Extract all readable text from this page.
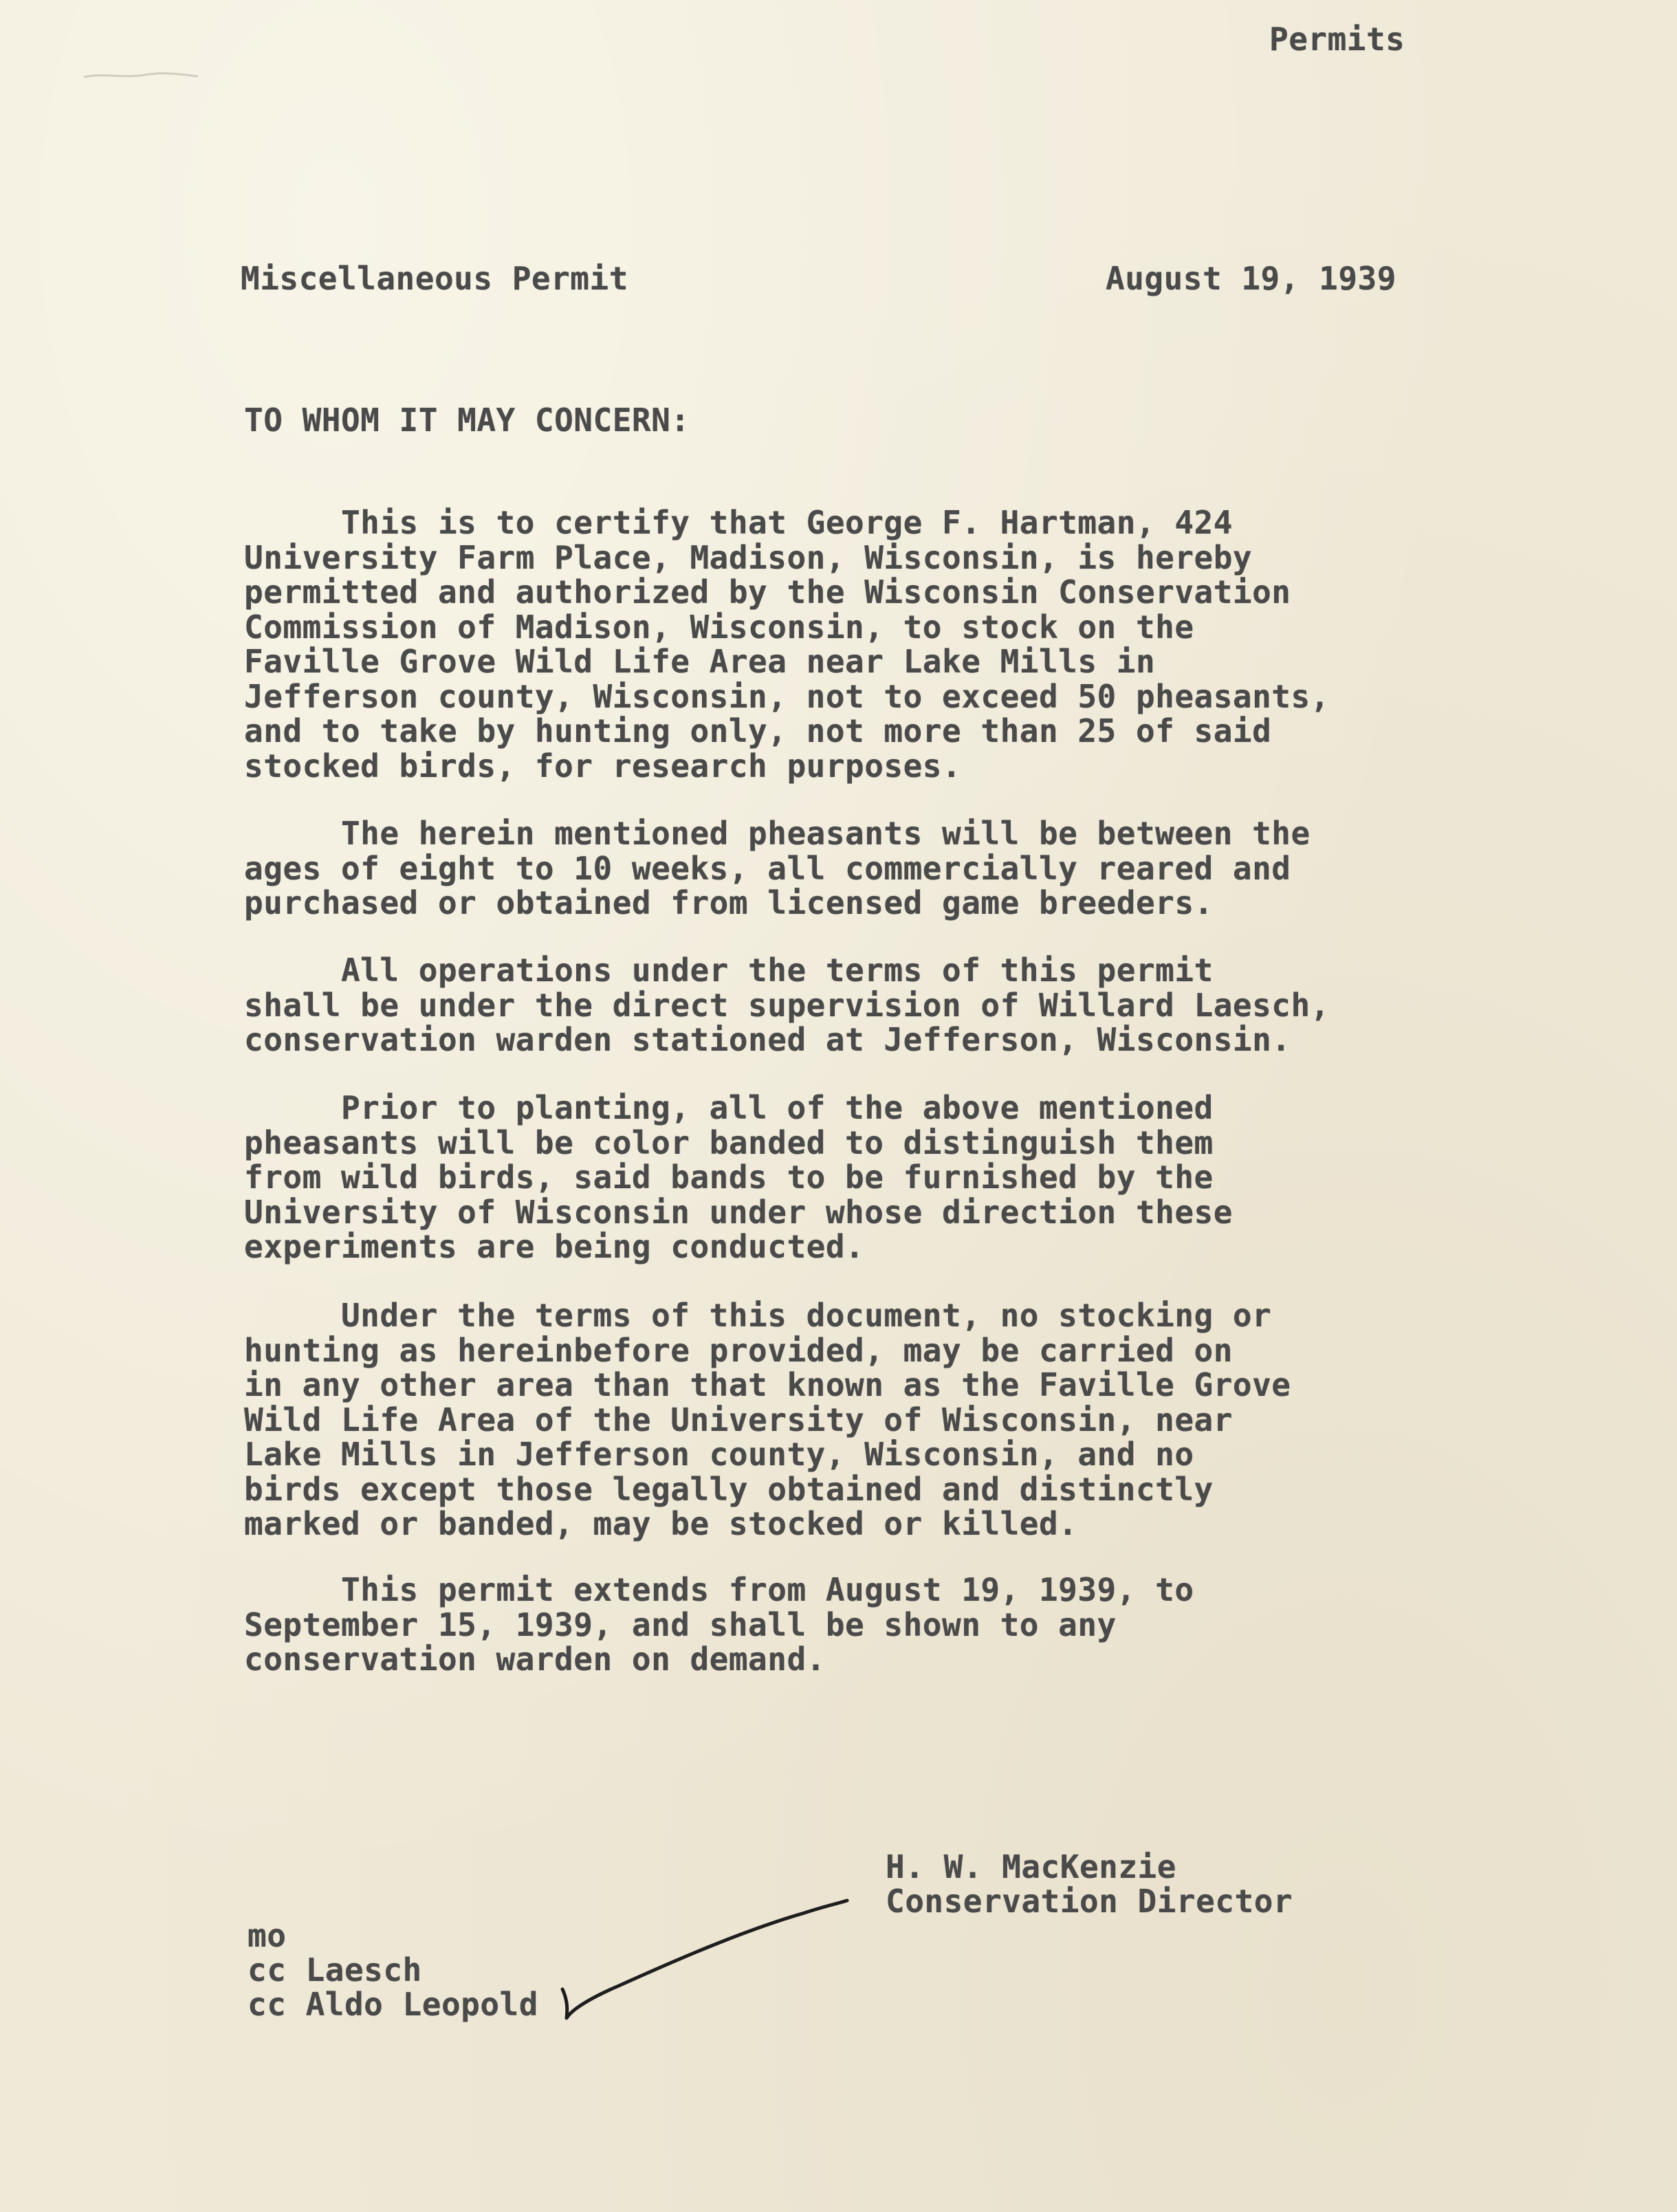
Permits
Miscellaneous Permit	August 19, 1939
TO WHOM IT MAY CONCERN:
This is to certify that George F. Hartman, 424
University Farm Place, Madison, Wisconsin, is hereby
permitted and authorized by the Wisconsin Conservation
Commission of Madison, Wisconsin, to stock on the
Faville Grove Wild Life Area near Lake Mills in
Jefferson county, Wisconsin, not to exceed 50 pheasants,
and to take by hunting only, not more than 25 of said
stocked birds, for research purposes.
The herein mentioned pheasants will be between the
ages of eight to 10 weeks, all commercially reared and
purchased or obtained from licensed game breeders.
All operations under the terms of this permit
shall be under the direct supervision of Willard Laesch,
conservation warden stationed at Jefferson, Wisconsin.
Prior to planting, all of the above mentioned
pheasants will be color banded to distinguish them
from wild birds, said bands to be furnished by the
University of Wisconsin under whose direction these
experiments are being conducted.
Under the terms of this document, no stocking or
hunting as hereinbefore provided, may be carried on
in any other area than that known as the Faville Grove
Wild Life Area of the University of Wisconsin, near
Lake Mills in Jefferson county, Wisconsin, and no
birds except those legally obtained and distinctly
marked or banded, may be stocked or killed.
This permit extends from August 19, 1939, to
September 15, 1939, and shall be shown to any
conservation warden on demand.
H. W. MacKenzie
Conservation Director
mo
cc Laesch
cc Aldo Leopold
